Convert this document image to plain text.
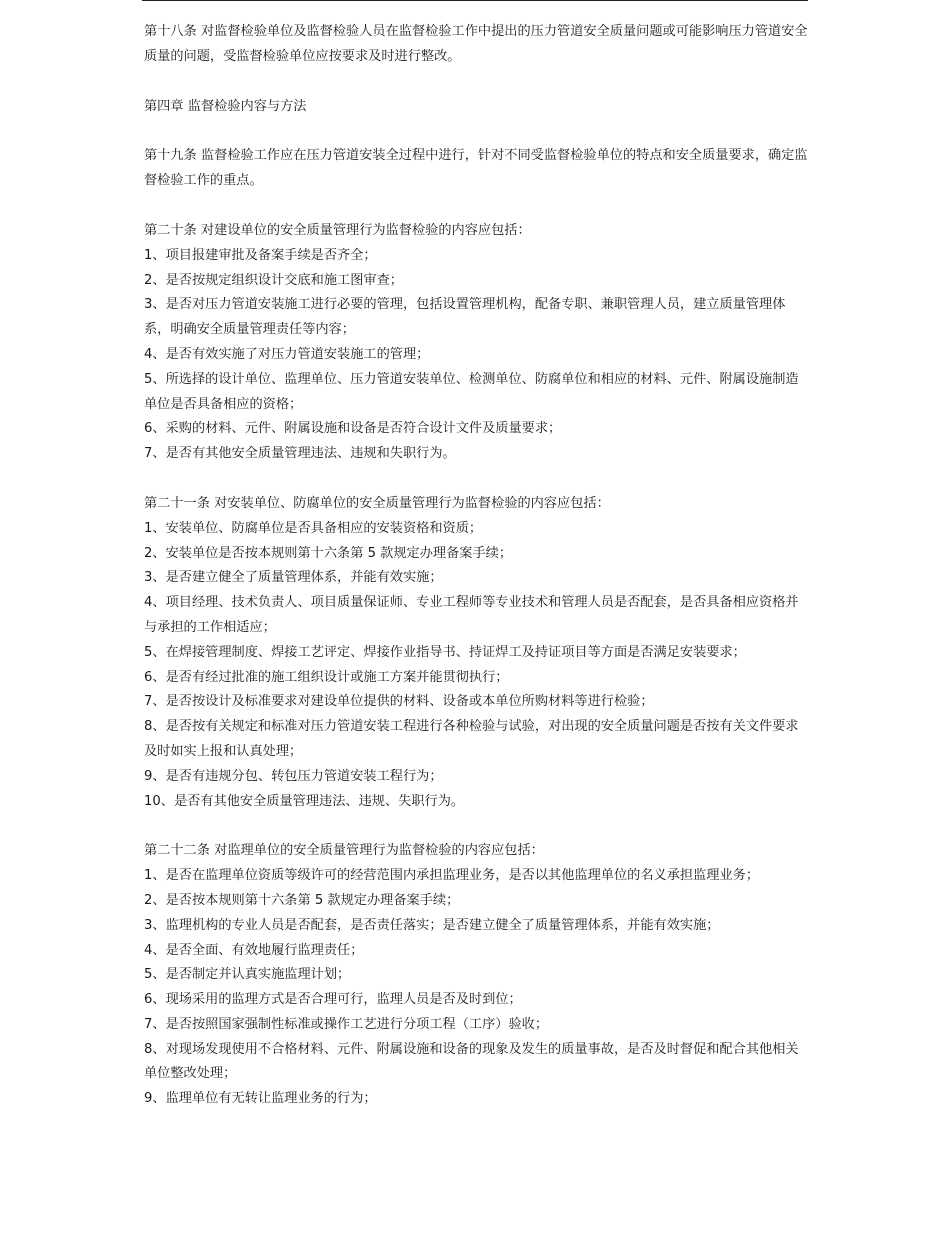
第十八条 对监督检验单位及监督检验人员在监督检验工作中提出的压力管道安全质量问题或可能影响压力管道安全质量的问题，受监督检验单位应按要求及时进行整改。

第四章 监督检验内容与方法

第十九条 监督检验工作应在压力管道安装全过程中进行，针对不同受监督检验单位的特点和安全质量要求，确定监督检验工作的重点。

第二十条 对建设单位的安全质量管理行为监督检验的内容应包括：

1、项目报建审批及备案手续是否齐全；

2、是否按规定组织设计交底和施工图审查；

3、是否对压力管道安装施工进行必要的管理，包括设置管理机构，配备专职、兼职管理人员，建立质量管理体系，明确安全质量管理责任等内容；

4、是否有效实施了对压力管道安装施工的管理；

5、所选择的设计单位、监理单位、压力管道安装单位、检测单位、防腐单位和相应的材料、元件、附属设施制造单位是否具备相应的资格；

6、采购的材料、元件、附属设施和设备是否符合设计文件及质量要求；

7、是否有其他安全质量管理违法、违规和失职行为。

第二十一条 对安装单位、防腐单位的安全质量管理行为监督检验的内容应包括：

1、安装单位、防腐单位是否具备相应的安装资格和资质；

2、安装单位是否按本规则第十六条第 5 款规定办理备案手续；

3、是否建立健全了质量管理体系，并能有效实施；

4、项目经理、技术负责人、项目质量保证师、专业工程师等专业技术和管理人员是否配套，是否具备相应资格并与承担的工作相适应；

5、在焊接管理制度、焊接工艺评定、焊接作业指导书、持证焊工及持证项目等方面是否满足安装要求；

6、是否有经过批准的施工组织设计或施工方案并能贯彻执行；

7、是否按设计及标准要求对建设单位提供的材料、设备或本单位所购材料等进行检验；

8、是否按有关规定和标准对压力管道安装工程进行各种检验与试验，对出现的安全质量问题是否按有关文件要求及时如实上报和认真处理；

9、是否有违规分包、转包压力管道安装工程行为；

10、是否有其他安全质量管理违法、违规、失职行为。

第二十二条 对监理单位的安全质量管理行为监督检验的内容应包括：

1、是否在监理单位资质等级许可的经营范围内承担监理业务，是否以其他监理单位的名义承担监理业务；

2、是否按本规则第十六条第 5 款规定办理备案手续；

3、监理机构的专业人员是否配套，是否责任落实；是否建立健全了质量管理体系，并能有效实施；

4、是否全面、有效地履行监理责任；

5、是否制定并认真实施监理计划；

6、现场采用的监理方式是否合理可行，监理人员是否及时到位；

7、是否按照国家强制性标准或操作工艺进行分项工程（工序）验收；

8、对现场发现使用不合格材料、元件、附属设施和设备的现象及发生的质量事故，是否及时督促和配合其他相关单位整改处理；

9、监理单位有无转让监理业务的行为；
